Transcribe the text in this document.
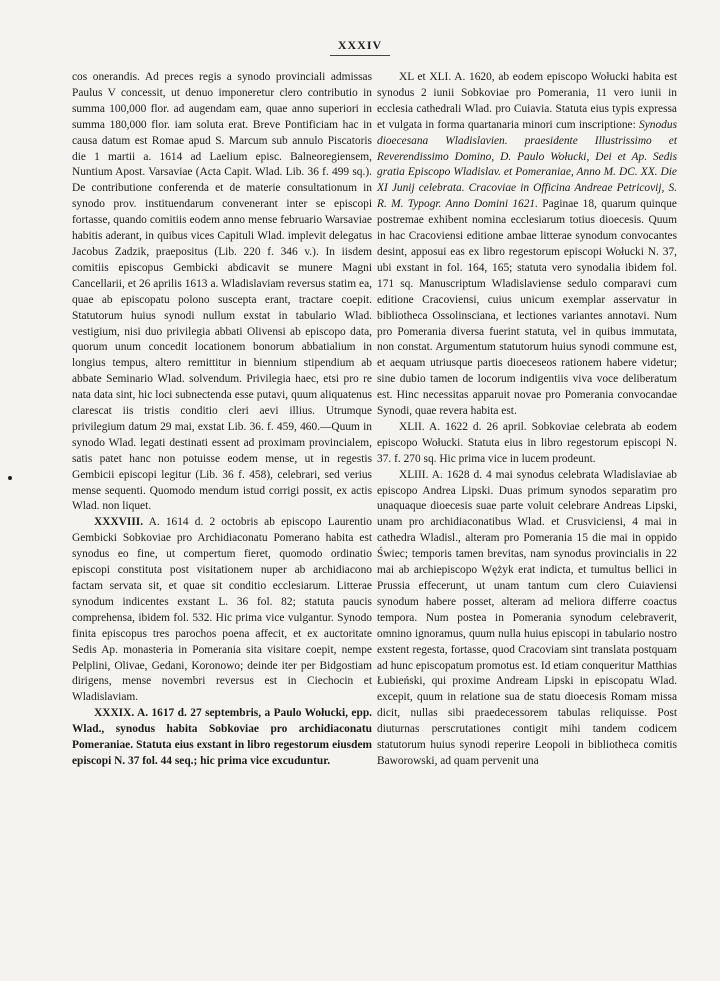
XXXIV

cos onerandis. Ad preces regis a synodo provinciali admissas Paulus V concessit, ut denuo imponeretur clero contributio in summa 100,000 flor. ad augendam eam, quae anno superiori in summa 180,000 flor. iam soluta erat. Breve Pontificiam hac in causa datum est Romae apud S. Marcum sub annulo Piscatoris die 1 martii a. 1614 ad Laelium episc. Balneoregiensem, Nuntium Apost. Varsaviae (Acta Capit. Wlad. Lib. 36 f. 499 sq.). De contributione conferenda et de materie consultationum in synodo prov. instituendarum convenerant inter se episcopi fortasse, quando comitiis eodem anno mense februario Warsaviae habitis aderant, in quibus vices Capituli Wlad. implevit delegatus Jacobus Zadzik, praepositus (Lib. 220 f. 346 v.). In iisdem comitiis episcopus Gembicki abdicavit se munere Magni Cancellarii, et 26 aprilis 1613 a. Wladislaviam reversus statim ea, quae ab episcopatu polono suscepta erant, tractare coepit. Statutorum huius synodi nullum exstat in tabulario Wlad. vestigium, nisi duo privilegia abbati Olivensi ab episcopo data, quorum unum concedit locationem bonorum abbatialium in longius tempus, altero remittitur in biennium stipendium ab abbate Seminario Wlad. solvendum. Privilegia haec, etsi pro re nata data sint, hic loci subnectenda esse putavi, quum aliquatenus clarescat iis tristis conditio cleri aevi illius. Utrumque privilegium datum 29 mai, exstat Lib. 36. f. 459, 460.—Quum in synodo Wlad. legati destinati essent ad proximam provincialem, satis patet hanc non potuisse eodem mense, ut in regestis Gembicii episcopi legitur (Lib. 36 f. 458), celebrari, sed verius mense sequenti. Quomodo mendum istud corrigi possit, ex actis Wlad. non liquet.

XXXVIII. A. 1614 d. 2 octobris ab episcopo Laurentio Gembicki Sobkoviae pro Archidiaconatu Pomerano habita est synodus eo fine, ut compertum fieret, quomodo ordinatio episcopi constituta post visitationem nuper ab archidiacono factam servata sit, et quae sit conditio ecclesiarum. Litterae synodum indicentes exstant L. 36 fol. 82; statuta paucis comprehensa, ibidem fol. 532. Hic prima vice vulgantur. Synodo finita episcopus tres parochos poena affecit, et ex auctoritate Sedis Ap. monasteria in Pomerania sita visitare coepit, nempe Pelplini, Olivae, Gedani, Koronowo; deinde iter per Bidgostiam dirigens, mense novembri reversus est in Ciechocin et Wladislaviam.

XXXIX. A. 1617 d. 27 septembris, a Paulo Wołucki, epp. Wlad., synodus habita Sobkoviae pro archidiaconatu Pomeraniae. Statuta eius exstant in libro regestorum eiusdem episcopi N. 37 fol. 44 seq.; hic prima vice excuduntur.

XL et XLI. A. 1620, ab eodem episcopo Wołucki habita est synodus 2 iunii Sobkoviae pro Pomerania, 11 vero iunii in ecclesia cathedrali Wlad. pro Cuiavia. Statuta eius typis expressa et vulgata in forma quartanaria minori cum inscriptione: Synodus dioecesana Wladislavien. praesidente Illustrissimo et Reverendissimo Domino, D. Paulo Wołucki, Dei et Ap. Sedis gratia Episcopo Wladislav. et Pomeraniae, Anno M. DC. XX. Die XI Junij celebrata. Cracoviae in Officina Andreae Petricovij, S. R. M. Typogr. Anno Domini 1621. Paginae 18, quarum quinque postremae exhibent nomina ecclesiarum totius dioecesis. Quum in hac Cracoviensi editione ambae litterae synodum convocantes desint, apposui eas ex libro regestorum episcopi Wołucki N. 37, ubi exstant in fol. 164, 165; statuta vero synodalia ibidem fol. 171 sq. Manuscriptum Wladislaviense sedulo comparavi cum editione Cracoviensi, cuius unicum exemplar asservatur in bibliotheca Ossolinsciana, et lectiones variantes annotavi. Num pro Pomerania diversa fuerint statuta, vel in quibus immutata, non constat. Argumentum statutorum huius synodi commune est, et aequam utriusque partis dioeceseos rationem habere videtur; sine dubio tamen de locorum indigentiis viva voce deliberatum est. Hinc necessitas apparuit novae pro Pomerania convocandae Synodi, quae revera habita est.

XLII. A. 1622 d. 26 april. Sobkoviae celebrata ab eodem episcopo Wołucki. Statuta eius in libro regestorum episcopi N. 37. f. 270 sq. Hic prima vice in lucem prodeunt.

XLIII. A. 1628 d. 4 mai synodus celebrata Wladislaviae ab episcopo Andrea Lipski. Duas primum synodos separatim pro unaquaque dioecesis suae parte voluit celebrare Andreas Lipski, unam pro archidiaconatibus Wlad. et Crusviciensi, 4 mai in cathedra Wladisl., alteram pro Pomerania 15 die mai in oppido Świec; temporis tamen brevitas, nam synodus provincialis in 22 mai ab archiepiscopo Wężyk erat indicta, et tumultus bellici in Prussia effecerunt, ut unam tantum cum clero Cuiaviensi synodum habere posset, alteram ad meliora differre coactus tempora. Num postea in Pomerania synodum celebraverit, omnino ignoramus, quum nulla huius episcopi in tabulario nostro exstent regesta, fortasse, quod Cracoviam sint translata postquam ad hunc episcopatum promotus est. Id etiam conqueritur Matthias Łubieński, qui proxime Andream Lipski in episcopatu Wlad. excepit, quum in relatione sua de statu dioecesis Romam missa dicit, nullas sibi praedecessorem tabulas reliquisse. Post diuturnas perscrutationes contigit mihi tandem codicem statutorum huius synodi reperire Leopoli in bibliotheca comitis Baworowski, ad quam pervenit una
